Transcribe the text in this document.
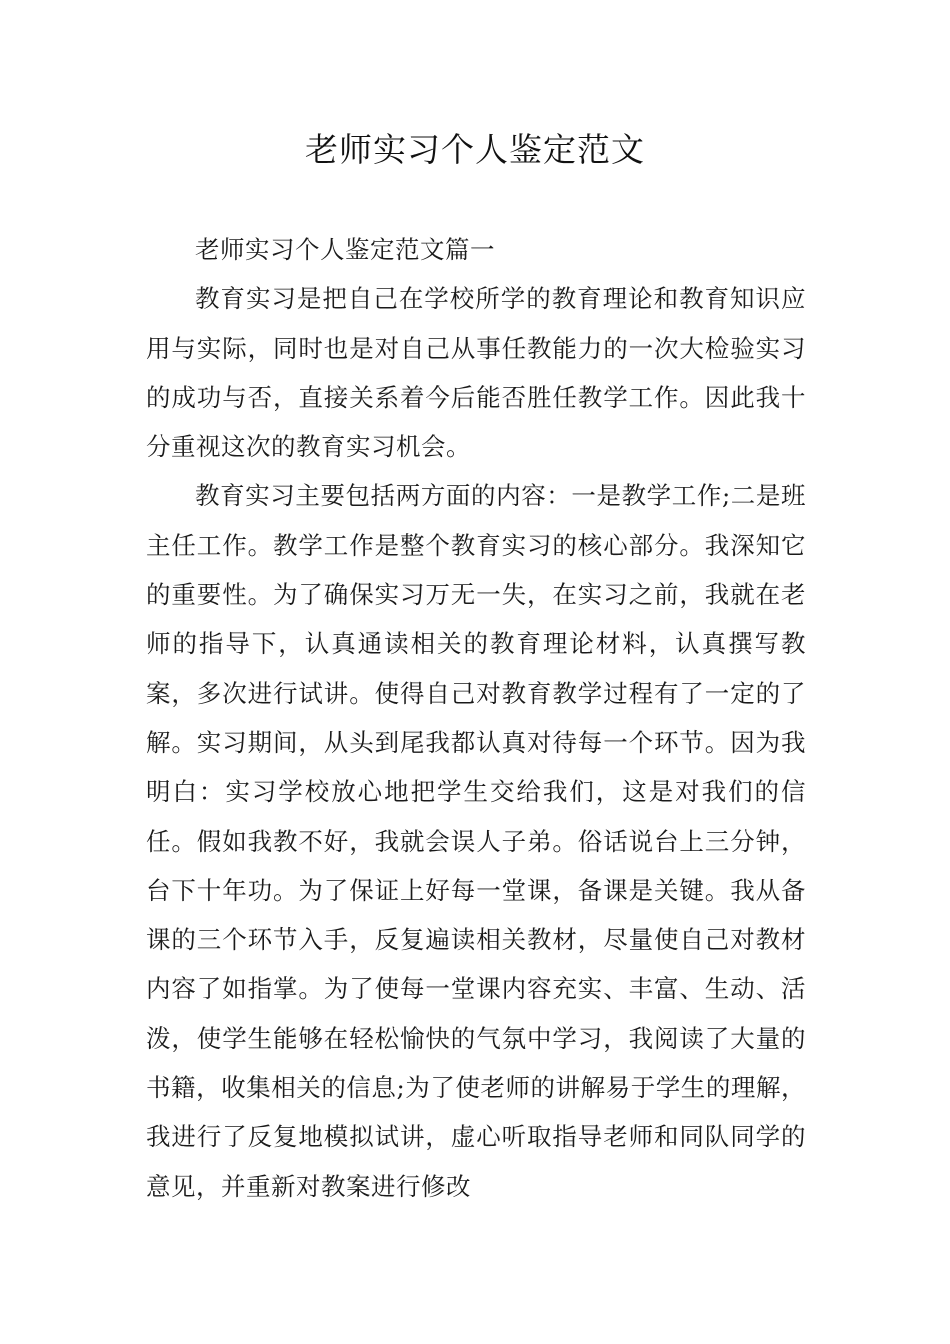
老师实习个人鉴定范文

老师实习个人鉴定范文篇一

教育实习是把自己在学校所学的教育理论和教育知识应用与实际，同时也是对自己从事任教能力的一次大检验实习的成功与否，直接关系着今后能否胜任教学工作。因此我十分重视这次的教育实习机会。

教育实习主要包括两方面的内容：一是教学工作;二是班主任工作。教学工作是整个教育实习的核心部分。我深知它的重要性。为了确保实习万无一失，在实习之前，我就在老师的指导下，认真通读相关的教育理论材料，认真撰写教案，多次进行试讲。使得自己对教育教学过程有了一定的了解。实习期间，从头到尾我都认真对待每一个环节。因为我明白：实习学校放心地把学生交给我们，这是对我们的信任。假如我教不好，我就会误人子弟。俗话说台上三分钟，台下十年功。为了保证上好每一堂课，备课是关键。我从备课的三个环节入手，反复遍读相关教材，尽量使自己对教材内容了如指掌。为了使每一堂课内容充实、丰富、生动、活泼，使学生能够在轻松愉快的气氛中学习，我阅读了大量的书籍，收集相关的信息;为了使老师的讲解易于学生的理解，我进行了反复地模拟试讲，虚心听取指导老师和同队同学的意见，并重新对教案进行修改
